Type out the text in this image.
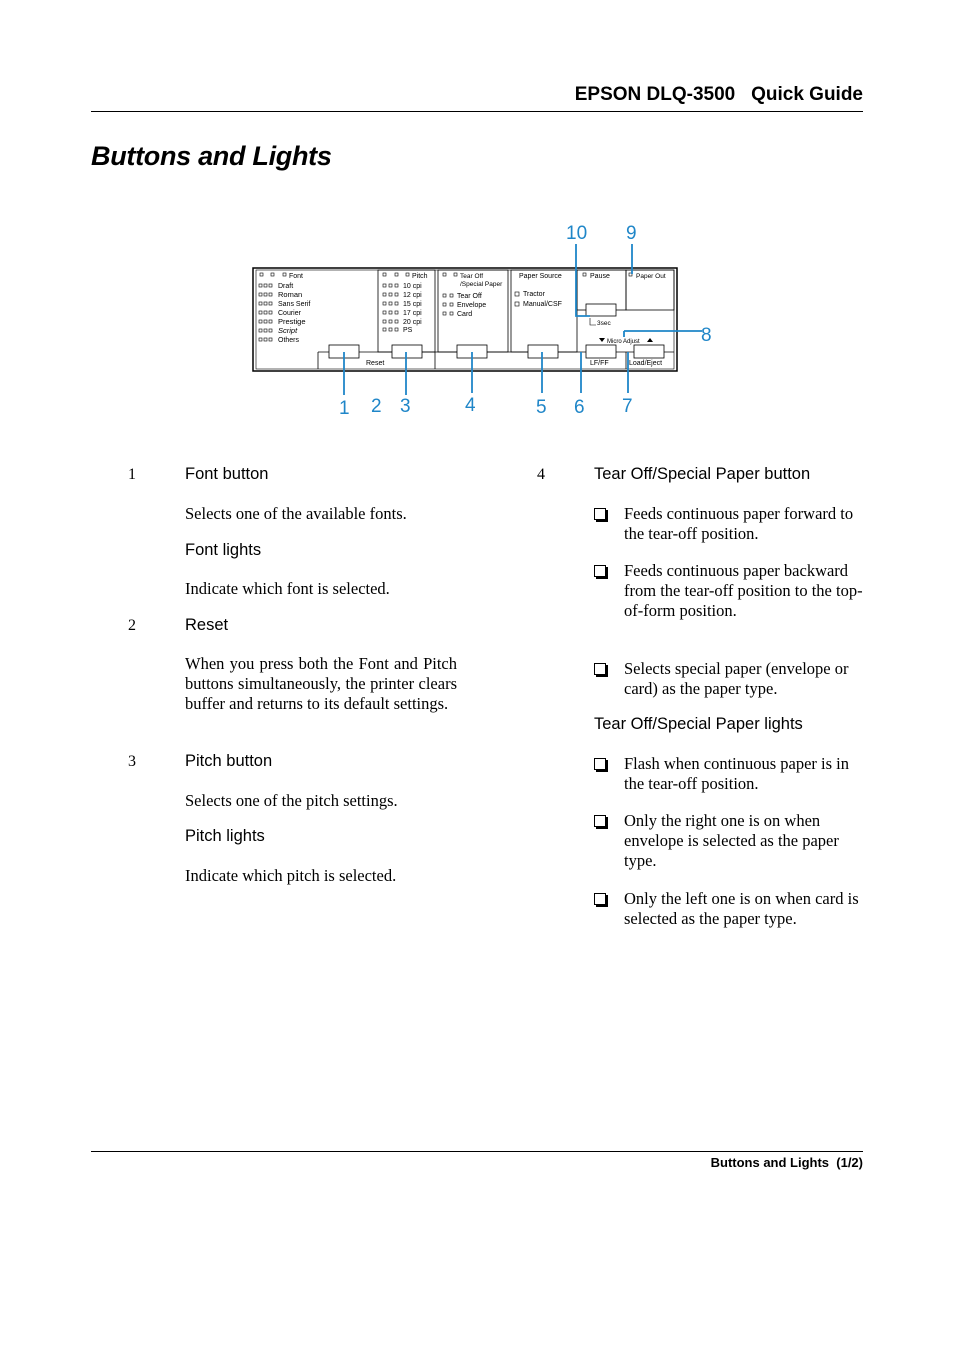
EPSON DLQ-3500   Quick Guide
Buttons and Lights
Font
Draft
Roman
Sans Serif
Courier
Prestige
Script
Others
Pitch
10 cpi
12 cpi
15 cpi
17 cpi
20 cpi
PS
Tear Off
/Special Paper
Tear Off
Envelope
Card
Paper Source
Tractor
Manual/CSF
Pause	Paper Out
3sec
Micro Adjust
Reset	LF/FF	Load/Eject
1 2 3	4	5 6 7
8
9
10
1	Font button
Selects one of the available fonts.
Font lights
Indicate which font is selected.
2	Reset
When you press both the Font and Pitch buttons simultaneously, the printer clears buffer and returns to its default settings.
3	Pitch button
Selects one of the pitch settings.
Pitch lights
Indicate which pitch is selected.
4	Tear Off/Special Paper button
Feeds continuous paper forward to the tear-off position.
Feeds continuous paper backward from the tear-off position to the top-of-form position.
Selects special paper (envelope or card) as the paper type.
Tear Off/Special Paper lights
Flash when continuous paper is in the tear-off position.
Only the right one is on when envelope is selected as the paper type.
Only the left one is on when card is selected as the paper type.
Buttons and Lights  (1/2)
